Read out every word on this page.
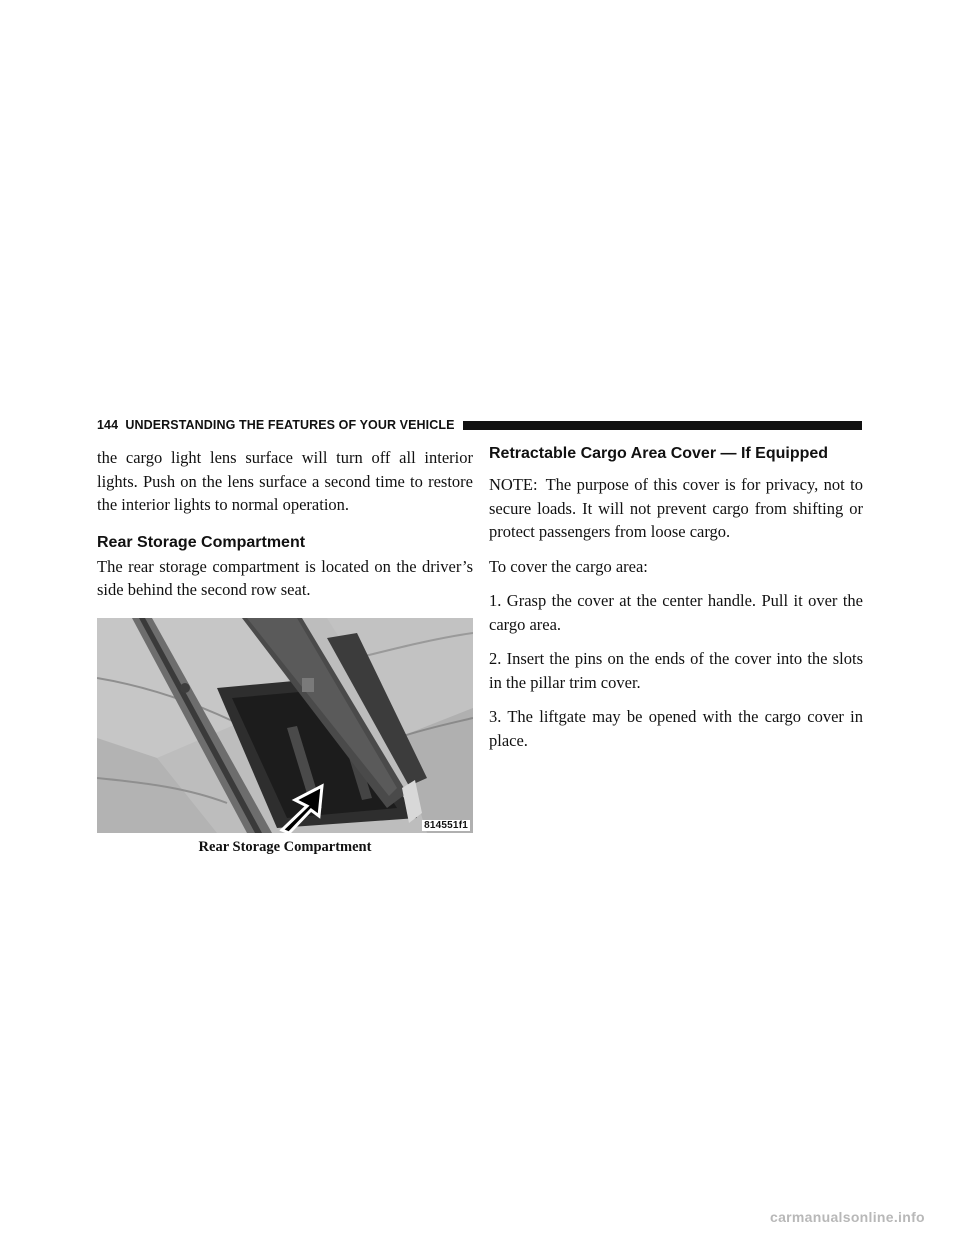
144 UNDERSTANDING THE FEATURES OF YOUR VEHICLE

the cargo light lens surface will turn off all interior lights. Push on the lens surface a second time to restore the interior lights to normal operation.

Rear Storage Compartment

The rear storage compartment is located on the driver’s side behind the second row seat.

814551f1
Rear Storage Compartment
Retractable Cargo Area Cover — If Equipped

NOTE: The purpose of this cover is for privacy, not to secure loads. It will not prevent cargo from shifting or protect passengers from loose cargo.

To cover the cargo area:

1. Grasp the cover at the center handle. Pull it over the cargo area.

2. Insert the pins on the ends of the cover into the slots in the pillar trim cover.

3. The liftgate may be opened with the cargo cover in place.

carmanualsonline.info
